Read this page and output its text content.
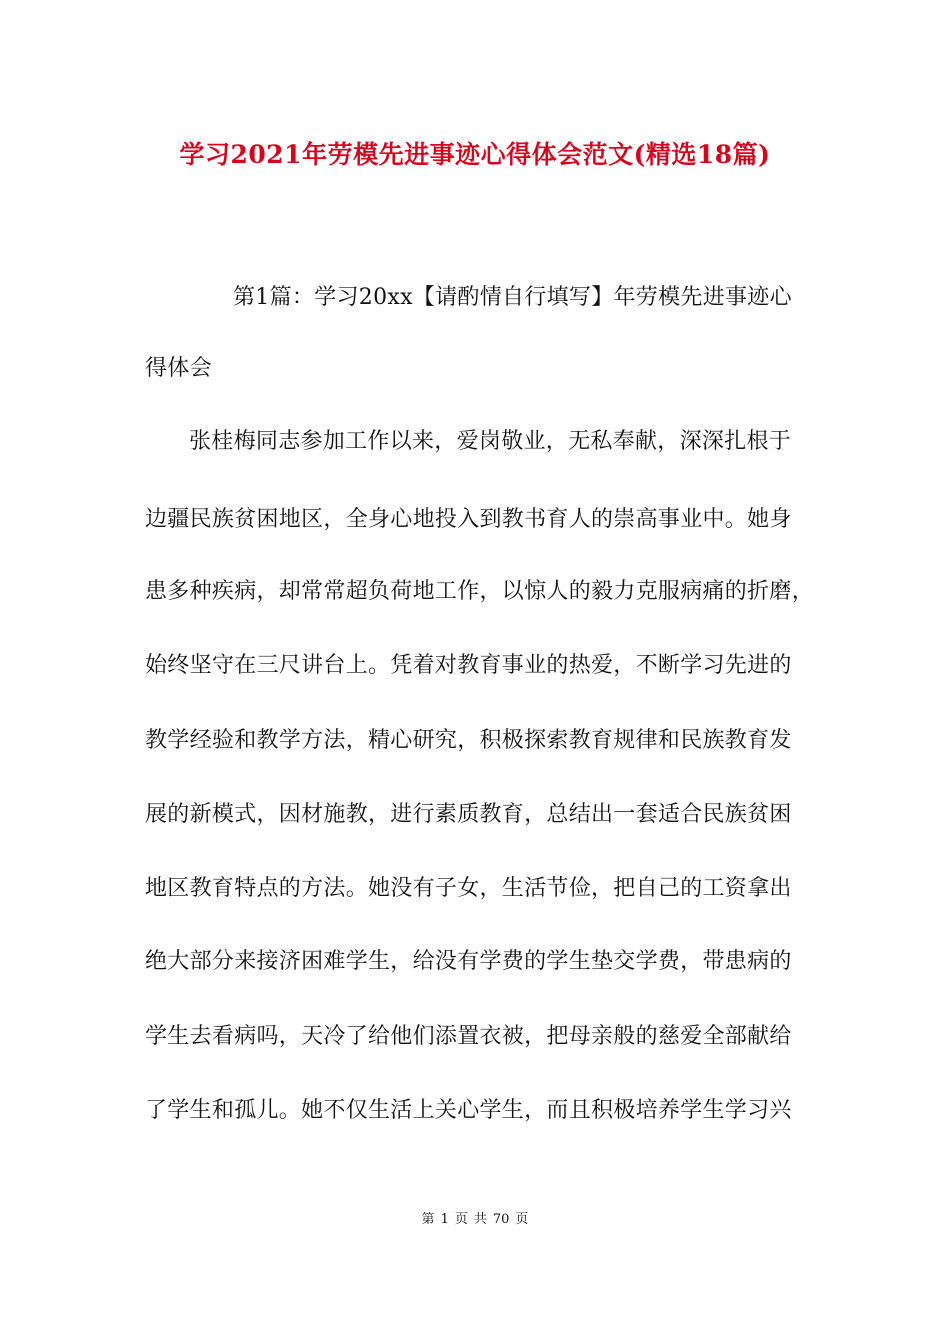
学习2021年劳模先进事迹心得体会范文(精选18篇)
第1篇：学习20xx【请酌情自行填写】年劳模先进事迹心
得体会
张桂梅同志参加工作以来，爱岗敬业，无私奉献，深深扎根于
边疆民族贫困地区，全身心地投入到教书育人的崇高事业中。她身
患多种疾病，却常常超负荷地工作，以惊人的毅力克服病痛的折磨，
始终坚守在三尺讲台上。凭着对教育事业的热爱，不断学习先进的
教学经验和教学方法，精心研究，积极探索教育规律和民族教育发
展的新模式，因材施教，进行素质教育，总结出一套适合民族贫困
地区教育特点的方法。她没有子女，生活节俭，把自己的工资拿出
绝大部分来接济困难学生，给没有学费的学生垫交学费，带患病的
学生去看病吗，天冷了给他们添置衣被，把母亲般的慈爱全部献给
了学生和孤儿。她不仅生活上关心学生，而且积极培养学生学习兴
第 1 页 共 70 页
